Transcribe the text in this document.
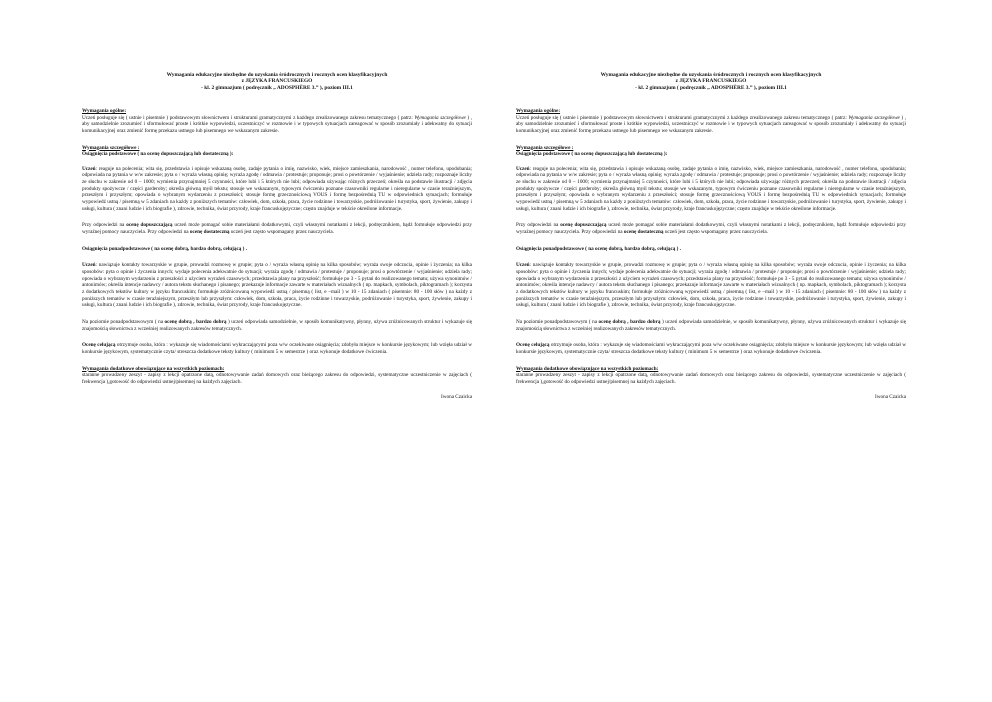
Wymagania edukacyjne niezbędne do uzyskania śródrocznych i rocznych ocen klasyfikacyjnych
z JĘZYKA FRANCUSKIEGO
- kl. 2 gimnazjum ( podręcznik „ ADOSPHÈRE 3.” ), poziom III.1
Wymagania ogólne:

Uczeń posługuje się ( ustnie i pisemnie ) podstawowym słownictwem i strukturami gramatycznymi z każdego zrealizowanego zakresu tematycznego ( patrz: Wymagania szczegółowe ) , aby samodzielnie zrozumieć i sformułować proste i krótkie wypowiedzi, uczestniczyć w rozmowie i w typowych sytuacjach zareagować w sposób zrozumiały i adekwatny do sytuacji komunikacyjnej oraz zmienić formę przekazu ustnego lub pisemnego we wskazanym zakresie.

Wymagania szczegółowe :
Osiągnięcia podstawowe ( na ocenę dopuszczającą lub dostateczną ):

Uczeń: reaguje na polecenia; wita się, przedstawia i opisuje wskazaną osobę, zadaje pytania o imię, nazwisko, wiek, miejsce zamieszkania, narodowość , numer telefonu, upodobania; odpowiada na pytania w w/w zakresie; pyta o / wyraża własną opinię; wyraża zgodę / odmawia / protestuje; proponuje; prosi o powtórzenie / wyjaśnienie; udziela rady; rozpoznaje liczby ze słuchu w zakresie od 0 – 1000; wymienia przynajmniej 5 czynności, które lubi i 5 których nie lubi; odpowiada używając różnych przeczeń; określa na podstawie ilustracji / zdjęcia produkty spożywcze / części garderoby; określa główną myśl tekstu; stosuje we wskazanym, typowym ćwiczeniu poznane czasowniki regularne i nieregularne w czasie teraźniejszym, przeszłym i przyszłym; opowiada o wybranym wydarzeniu z przeszłości; stosuje formę grzecznościową VOUS i formę bezpośrednią TU w odpowiednich sytuacjach; formułuje wypowiedź ustną / pisemną w 5 zdaniach na każdy z poniższych tematów: człowiek, dom, szkoła, praca, życie rodzinne i towarzyskie, podróżowanie i turystyka, sport, żywienie, zakupy i usługi, kultura ( znani ludzie i ich biografie ), zdrowie, technika, świat przyrody, kraje francuskojęzyczne; często znajduje w tekście określone informacje.

Przy odpowiedzi na ocenę dopuszczającą uczeń może pomagać sobie materiałami dodatkowymi, czyli własnymi notatkami z lekcji, podręcznikiem, bądź formułuje odpowiedzi przy wyraźnej pomocy nauczyciela. Przy odpowiedzi na ocenę dostateczną uczeń jest często wspomagany przez nauczyciela.

Osiągnięcia ponadpodstawowe ( na ocenę dobrą, bardzo dobrą, celującą ) .

Uczeń: nawiązuje kontakty towarzyskie w grupie, prowadzi rozmowę w grupie; pyta o / wyraża własną opinię na kilka sposobów; wyraża swoje odczucia, opinie i życzenia; na kilka sposobów: pyta o opinie i życzenia innych; wydaje polecenia adekwatnie do sytuacji; wyraża zgodę / odmawia / protestuje / proponuje; prosi o powtórzenie / wyjaśnienie; udziela rady; opowiada o wybranym wydarzeniu z przeszłości z użyciem wyrażeń czasowych; przedstawia plany na przyszłość; formułuje po 3 - 5 pytań do realizowanego tematu; używa synonimów / antonimów; określa intencje nadawcy / autora tekstu słuchanego i pisanego; przekazuje informacje zawarte w materiałach wizualnych ( np. mapkach, symbolach, piktogramach ); korzysta z dodatkowych tekstów kultury w języku francuskim; formułuje zróżnicowaną wypowiedź ustną / pisemną ( list, e –mail ) w 10 - 15 zdaniach ( pisemnie: 80 - 100 słów ) na każdy z poniższych tematów w czasie teraźniejszym, przeszłym lub przyszłym: człowiek, dom, szkoła, praca, życie rodzinne i towarzyskie, podróżowanie i turystyka, sport, żywienie, zakupy i usługi, kultura ( znani ludzie i ich biografie ), zdrowie, technika, świat przyrody, kraje francuskojęzyczne.

Na poziomie ponadpodstawowym ( na ocenę dobrą , bardzo dobrą ) uczeń odpowiada samodzielnie, w sposób komunikatywny, płynny, używa zróżnicowanych struktur i wykazuje się znajomością słownictwa z wcześniej realizowanych zakresów tematycznych.

Ocenę celującą otrzymuje osoba, która : wykazuje się wiadomościami wykraczającymi poza w/w oczekiwane osiągnięcia; zdobyła miejsce w konkursie językowym; lub wzięła udział w konkursie językowym, systematycznie czyta/ streszcza dodatkowe teksty kultury ( minimum 5 w semestrze ) oraz wykonuje dodatkowe ćwiczenia.

Wymagania dodatkowe obowiązujące na wszystkich poziomach:

staranne prowadzeny zeszyt - zapisy z lekcji opatrzone datą, odnotowywanie zadań domowych oraz bieżącego zakresu do odpowiedzi, systematyczne uczestniczenie w zajęciach ( frekwencja ),gotowość do odpowiedzi ustnej/pisemnej na każdych zajęciach.

Iwona Czaicka
Wymagania edukacyjne niezbędne do uzyskania śródrocznych i rocznych ocen klasyfikacyjnych
z JĘZYKA FRANCUSKIEGO
- kl. 2 gimnazjum ( podręcznik „ ADOSPHÈRE 3.” ), poziom III.1
Wymagania ogólne:

Uczeń posługuje się ( ustnie i pisemnie ) podstawowym słownictwem i strukturami gramatycznymi z każdego zrealizowanego zakresu tematycznego ( patrz: Wymagania szczegółowe ) , aby samodzielnie zrozumieć i sformułować proste i krótkie wypowiedzi, uczestniczyć w rozmowie i w typowych sytuacjach zareagować w sposób zrozumiały i adekwatny do sytuacji komunikacyjnej oraz zmienić formę przekazu ustnego lub pisemnego we wskazanym zakresie.

Wymagania szczegółowe :
Osiągnięcia podstawowe ( na ocenę dopuszczającą lub dostateczną ):

Uczeń: reaguje na polecenia; wita się, przedstawia i opisuje wskazaną osobę, zadaje pytania o imię, nazwisko, wiek, miejsce zamieszkania, narodowość , numer telefonu, upodobania; odpowiada na pytania w w/w zakresie; pyta o / wyraża własną opinię; wyraża zgodę / odmawia / protestuje; proponuje; prosi o powtórzenie / wyjaśnienie; udziela rady; rozpoznaje liczby ze słuchu w zakresie od 0 – 1000; wymienia przynajmniej 5 czynności, które lubi i 5 których nie lubi; odpowiada używając różnych przeczeń; określa na podstawie ilustracji / zdjęcia produkty spożywcze / części garderoby; określa główną myśl tekstu; stosuje we wskazanym, typowym ćwiczeniu poznane czasowniki regularne i nieregularne w czasie teraźniejszym, przeszłym i przyszłym; opowiada o wybranym wydarzeniu z przeszłości; stosuje formę grzecznościową VOUS i formę bezpośrednią TU w odpowiednich sytuacjach; formułuje wypowiedź ustną / pisemną w 5 zdaniach na każdy z poniższych tematów: człowiek, dom, szkoła, praca, życie rodzinne i towarzyskie, podróżowanie i turystyka, sport, żywienie, zakupy i usługi, kultura ( znani ludzie i ich biografie ), zdrowie, technika, świat przyrody, kraje francuskojęzyczne; często znajduje w tekście określone informacje.

Przy odpowiedzi na ocenę dopuszczającą uczeń może pomagać sobie materiałami dodatkowymi, czyli własnymi notatkami z lekcji, podręcznikiem, bądź formułuje odpowiedzi przy wyraźnej pomocy nauczyciela. Przy odpowiedzi na ocenę dostateczną uczeń jest często wspomagany przez nauczyciela.

Osiągnięcia ponadpodstawowe ( na ocenę dobrą, bardzo dobrą, celującą ) .

Uczeń: nawiązuje kontakty towarzyskie w grupie, prowadzi rozmowę w grupie; pyta o / wyraża własną opinię na kilka sposobów; wyraża swoje odczucia, opinie i życzenia; na kilka sposobów: pyta o opinie i życzenia innych; wydaje polecenia adekwatnie do sytuacji; wyraża zgodę / odmawia / protestuje / proponuje; prosi o powtórzenie / wyjaśnienie; udziela rady; opowiada o wybranym wydarzeniu z przeszłości z użyciem wyrażeń czasowych; przedstawia plany na przyszłość; formułuje po 3 - 5 pytań do realizowanego tematu; używa synonimów / antonimów; określa intencje nadawcy / autora tekstu słuchanego i pisanego; przekazuje informacje zawarte w materiałach wizualnych ( np. mapkach, symbolach, piktogramach ); korzysta z dodatkowych tekstów kultury w języku francuskim; formułuje zróżnicowaną wypowiedź ustną / pisemną ( list, e –mail ) w 10 - 15 zdaniach ( pisemnie: 80 - 100 słów ) na każdy z poniższych tematów w czasie teraźniejszym, przeszłym lub przyszłym: człowiek, dom, szkoła, praca, życie rodzinne i towarzyskie, podróżowanie i turystyka, sport, żywienie, zakupy i usługi, kultura ( znani ludzie i ich biografie ), zdrowie, technika, świat przyrody, kraje francuskojęzyczne.

Na poziomie ponadpodstawowym ( na ocenę dobrą , bardzo dobrą ) uczeń odpowiada samodzielnie, w sposób komunikatywny, płynny, używa zróżnicowanych struktur i wykazuje się znajomością słownictwa z wcześniej realizowanych zakresów tematycznych.

Ocenę celującą otrzymuje osoba, która : wykazuje się wiadomościami wykraczającymi poza w/w oczekiwane osiągnięcia; zdobyła miejsce w konkursie językowym; lub wzięła udział w konkursie językowym, systematycznie czyta/ streszcza dodatkowe teksty kultury ( minimum 5 w semestrze ) oraz wykonuje dodatkowe ćwiczenia.

Wymagania dodatkowe obowiązujące na wszystkich poziomach:

staranne prowadzeny zeszyt - zapisy z lekcji opatrzone datą, odnotowywanie zadań domowych oraz bieżącego zakresu do odpowiedzi, systematyczne uczestniczenie w zajęciach ( frekwencja ),gotowość do odpowiedzi ustnej/pisemnej na każdych zajęciach.

Iwona Czaicka
